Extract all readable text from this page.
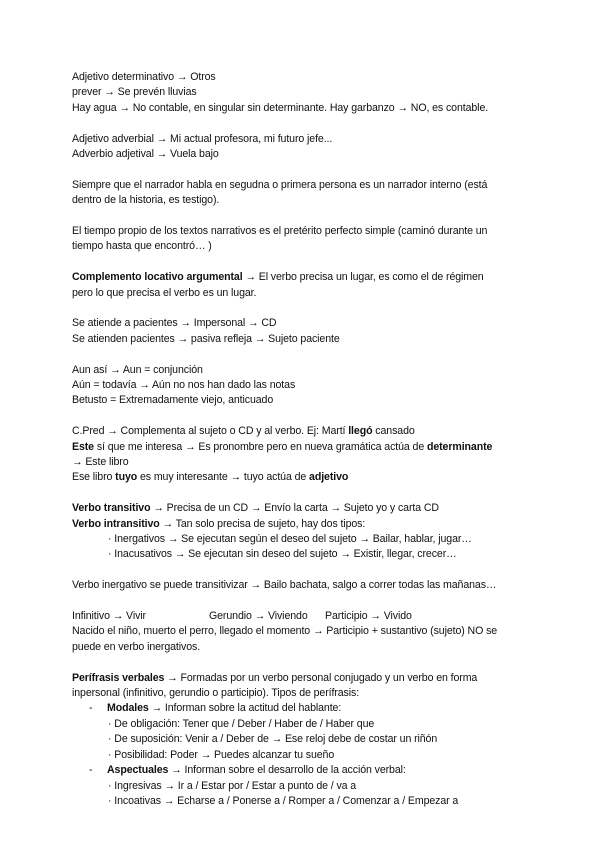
Adjetivo determinativo → Otros
prever → Se prevén lluvias
Hay agua → No contable, en singular sin determinante. Hay garbanzo → NO, es contable.
Adjetivo adverbial → Mi actual profesora, mi futuro jefe...
Adverbio adjetival → Vuela bajo
Siempre que el narrador habla en segudna o primera persona es un narrador interno (está
dentro de la historia, es testigo).
El tiempo propio de los textos narrativos es el pretérito perfecto simple (caminó durante un
tiempo hasta que encontró… )
Complemento locativo argumental → El verbo precisa un lugar, es como el de régimen
pero lo que precisa el verbo es un lugar.
Se atiende a pacientes → Impersonal → CD
Se atienden pacientes → pasiva refleja → Sujeto paciente
Aun así → Aun = conjunción
Aún = todavía → Aún no nos han dado las notas
Betusto = Extremadamente viejo, anticuado
C.Pred → Complementa al sujeto o CD y al verbo. Ej: Martí llegó cansado
Este sí que me interesa → Es pronombre pero en nueva gramática actúa de determinante
→ Este libro
Ese libro tuyo es muy interesante → tuyo actúa de adjetivo
Verbo transitivo → Precisa de un CD → Envío la carta → Sujeto yo y carta CD
Verbo intransitivo → Tan solo precisa de sujeto, hay dos tipos:
· Inergativos → Se ejecutan según el deseo del sujeto → Bailar, hablar, jugar…
· Inacusativos → Se ejecutan sin deseo del sujeto → Existir, llegar, crecer…
Verbo inergativo se puede transitivizar → Bailo bachata, salgo a correr todas las mañanas…
Infinitivo → Vivir	Gerundio → Viviendo Participio → Vivido
Nacido el niño, muerto el perro, llegado el momento → Participio + sustantivo (sujeto) NO se
puede en verbo inergativos.
Perífrasis verbales → Formadas por un verbo personal conjugado y un verbo en forma
inpersonal (infinitivo, gerundio o participio). Tipos de perífrasis:
- Modales → Informan sobre la actitud del hablante:
· De obligación: Tener que / Deber / Haber de / Haber que
· De suposición: Venir a / Deber de → Ese reloj debe de costar un riñón
· Posibilidad: Poder → Puedes alcanzar tu sueño
- Aspectuales → Informan sobre el desarrollo de la acción verbal:
· Ingresivas → Ir a / Estar por / Estar a punto de / va a
· Incoativas → Echarse a / Ponerse a / Romper a / Comenzar a / Empezar a
